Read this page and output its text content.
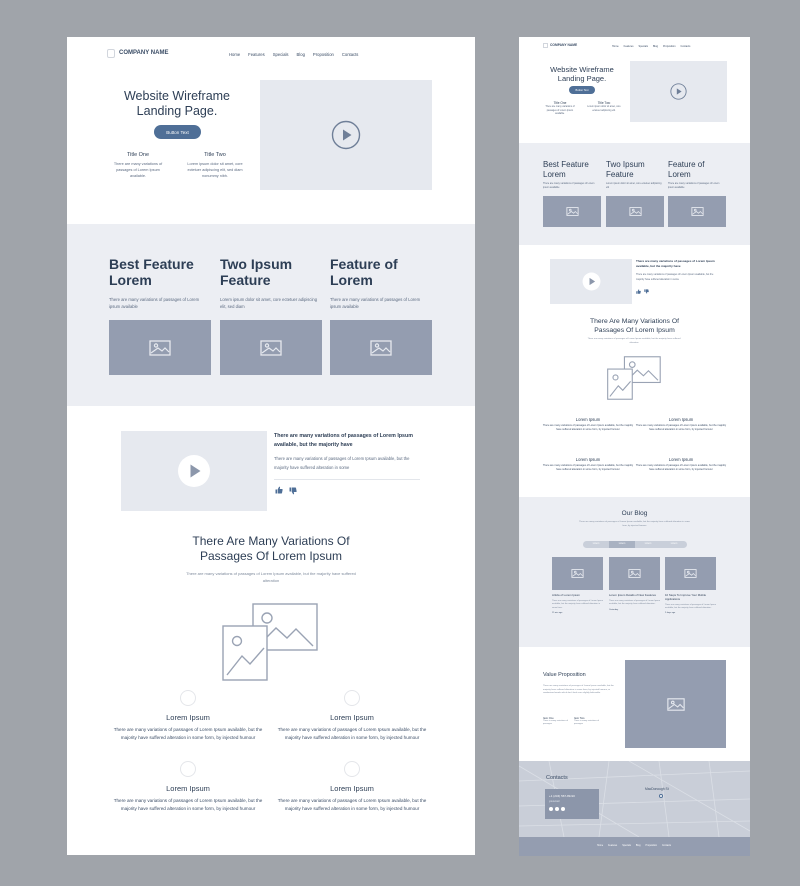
COMPANY NAME	Home Features Specials Blog Proposition Contacts
Website Wireframe
Landing Page.
Button Text
Title One
There are many variations of passages of Lorem Ipsum available.
Title Two
Lorem ipsum dolor sit amet, core ectetuer adipiscing elit, sed diam nonummy nibh.
Best Feature
Lorem
There are many variations of passages of Lorem ipsum available
Two Ipsum
Feature
Lorem ipsum dolor sit amet, core ectetuer adipiscing elit, sed diam
Feature of
Lorem
There are many variations of passages of Lorem ipsum available
There are many variations of passages of Lorem Ipsum available, but the majority have
There are many variations of passages of Lorem Ipsum available, but the majority have suffered alteration in some
There Are Many Variations Of
Passages Of Lorem Ipsum
There are many variations of passages of Lorem Ipsum available, but the majority have suffered alteration
Lorem Ipsum
There are many variations of passages of Lorem Ipsum available, but the majority have suffered alteration in some form, by injected humour
Lorem Ipsum
There are many variations of passages of Lorem Ipsum available, but the majority have suffered alteration in some form, by injected humour
Lorem Ipsum
There are many variations of passages of Lorem Ipsum available, but the majority have suffered alteration in some form, by injected humour
Lorem Ipsum
There are many variations of passages of Lorem Ipsum available, but the majority have suffered alteration in some form, by injected humour
COMPANY NAME	Home Features Specials Blog Proposition Contacts
Website Wireframe
Landing Page.
Button Text
Title One
There are many variations of passages of Lorem Ipsum available.
Title Two
Lorem ipsum dolor sit amet, core ectetuer adipiscing elit.
Best Feature
Lorem
There are many variations of passages of Lorem ipsum available
Two Ipsum
Feature
Lorem ipsum dolor sit amet, core ectetuer adipiscing elit
Feature of
Lorem
There are many variations of passages of Lorem ipsum available
There are many variations of passages of Lorem Ipsum available, but the majority have
There are many variations of passages of Lorem Ipsum available, but the majority have suffered alteration in some
There Are Many Variations Of
Passages Of Lorem Ipsum
There are many variations of passages of Lorem Ipsum available, but the majority have suffered alteration
Lorem Ipsum
There are many variations of passages of Lorem Ipsum available, but the majority have suffered alteration in some form, by injected humour
Lorem Ipsum
There are many variations of passages of Lorem Ipsum available, but the majority have suffered alteration in some form, by injected humour
Lorem Ipsum
There are many variations of passages of Lorem Ipsum available, but the majority have suffered alteration in some form, by injected humour
Lorem Ipsum
There are many variations of passages of Lorem Ipsum available, but the majority have suffered alteration in some form, by injected humour
Our Blog
There are many variations of passages of Lorem Ipsum available, but the majority have suffered alteration in some form, by injected humour
Lorem	Lorem	Lorem	Lorem
Article of Lorem Ipsum
There are many variations of passages of Lorem Ipsum available, but the majority have suffered alteration in some form.
15 min ago
Lorem Ipsum Details of New Features
There are many variations of passages of Lorem Ipsum available, but the majority have suffered alteration.
Yesterday
10 Steps To Improve Your Mobile Applications
There are many variations of passages of Lorem Ipsum available, but the majority have suffered alteration.
2 days ago
Value Proposition
There are many variations of passages of Lorem Ipsum available, but the majority have suffered alteration in some form, by injected humour, or randomised words which don't look even slightly believable.
Item One
There is many variations of passages
Item Two
There is many variations of passages
Contacts
+1 (234) 567-89-90
youremail
MacDonough St
Home Features Specials Blog Proposition Contacts
